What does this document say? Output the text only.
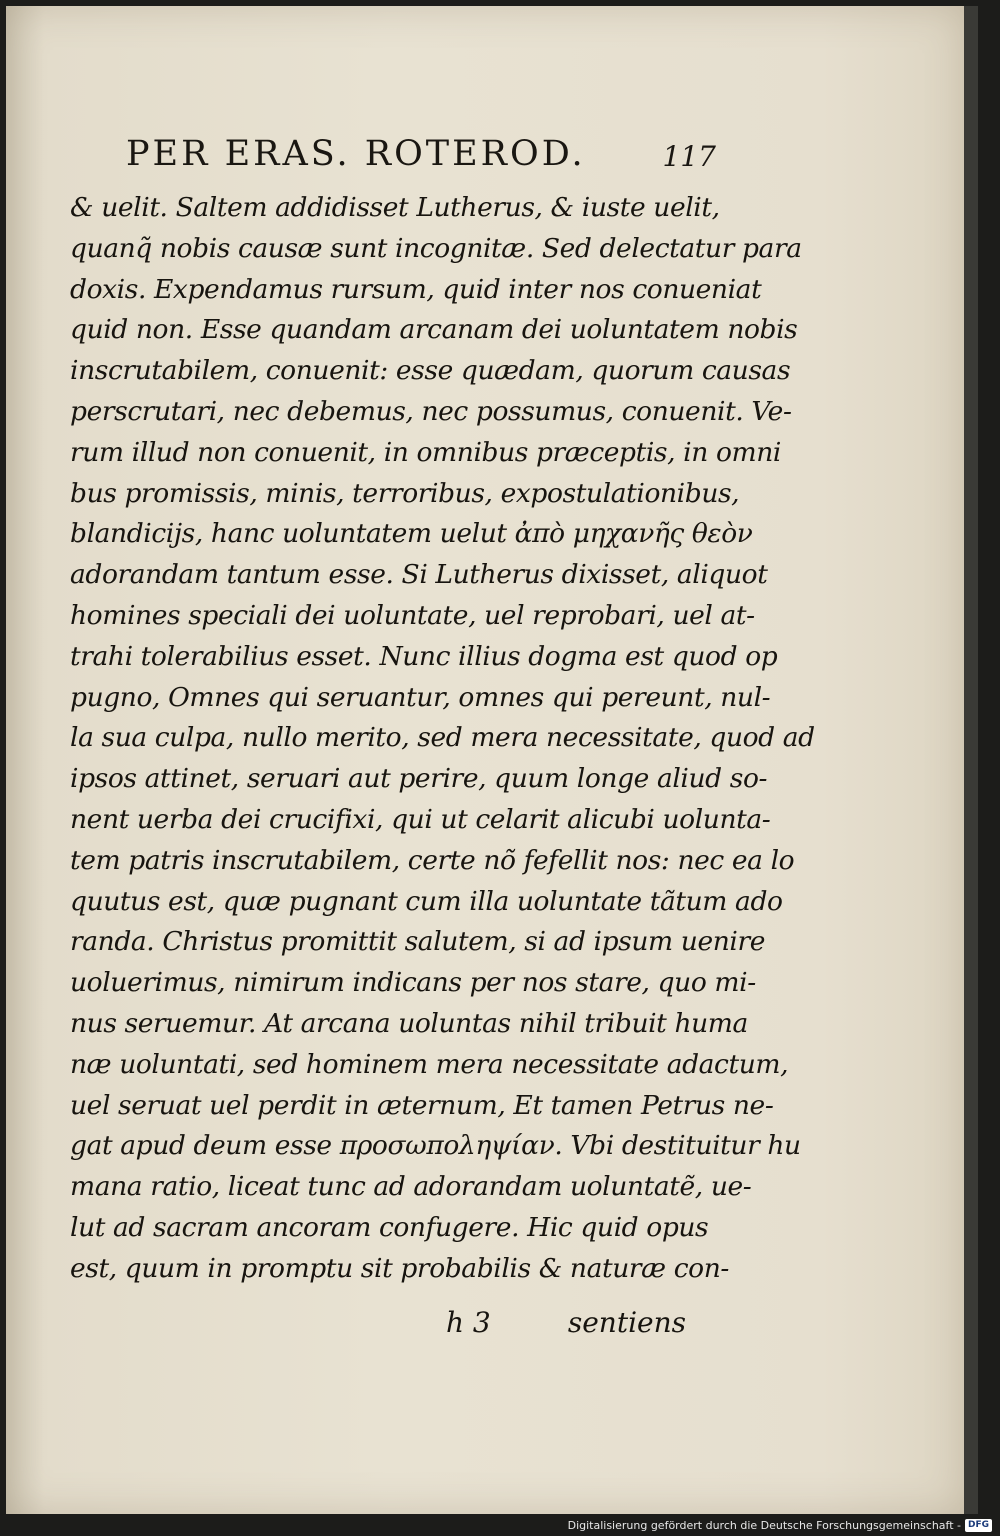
PER ERAS. ROTEROD.	117
& uelit. Saltem addidisset Lutherus, & iuste uelit,
quanq̃ nobis causæ sunt incognitæ. Sed delectatur para
doxis. Expendamus rursum, quid inter nos conueniat
quid non. Esse quandam arcanam dei uoluntatem nobis
inscrutabilem, conuenit: esse quædam, quorum causas
perscrutari, nec debemus, nec possumus, conuenit. Ve-
rum illud non conuenit, in omnibus præceptis, in omni
bus promissis, minis, terroribus, expostulationibus,
blandicijs, hanc uoluntatem uelut ἀπὸ μηχανῆς θεὸν
adorandam tantum esse. Si Lutherus dixisset, aliquot
homines speciali dei uoluntate, uel reprobari, uel at-
trahi tolerabilius esset. Nunc illius dogma est quod op
pugno, Omnes qui seruantur, omnes qui pereunt, nul-
la sua culpa, nullo merito, sed mera necessitate, quod ad
ipsos attinet, seruari aut perire, quum longe aliud so-
nent uerba dei crucifixi, qui ut celarit alicubi uolunta-
tem patris inscrutabilem, certe nõ fefellit nos: nec ea lo
quutus est, quæ pugnant cum illa uoluntate tãtum ado
randa. Christus promittit salutem, si ad ipsum uenire
uoluerimus, nimirum indicans per nos stare, quo mi-
nus seruemur. At arcana uoluntas nihil tribuit huma
næ uoluntati, sed hominem mera necessitate adactum,
uel seruat uel perdit in æternum, Et tamen Petrus ne-
gat apud deum esse προσωποληψίαν. Vbi destituitur hu
mana ratio, liceat tunc ad adorandam uoluntatẽ, ue-
lut ad sacram ancoram confugere. Hic quid opus
est, quum in promptu sit probabilis & naturæ con-
h 3	sentiens
Digitalisierung gefördert durch die Deutsche Forschungsgemeinschaft - DFG
